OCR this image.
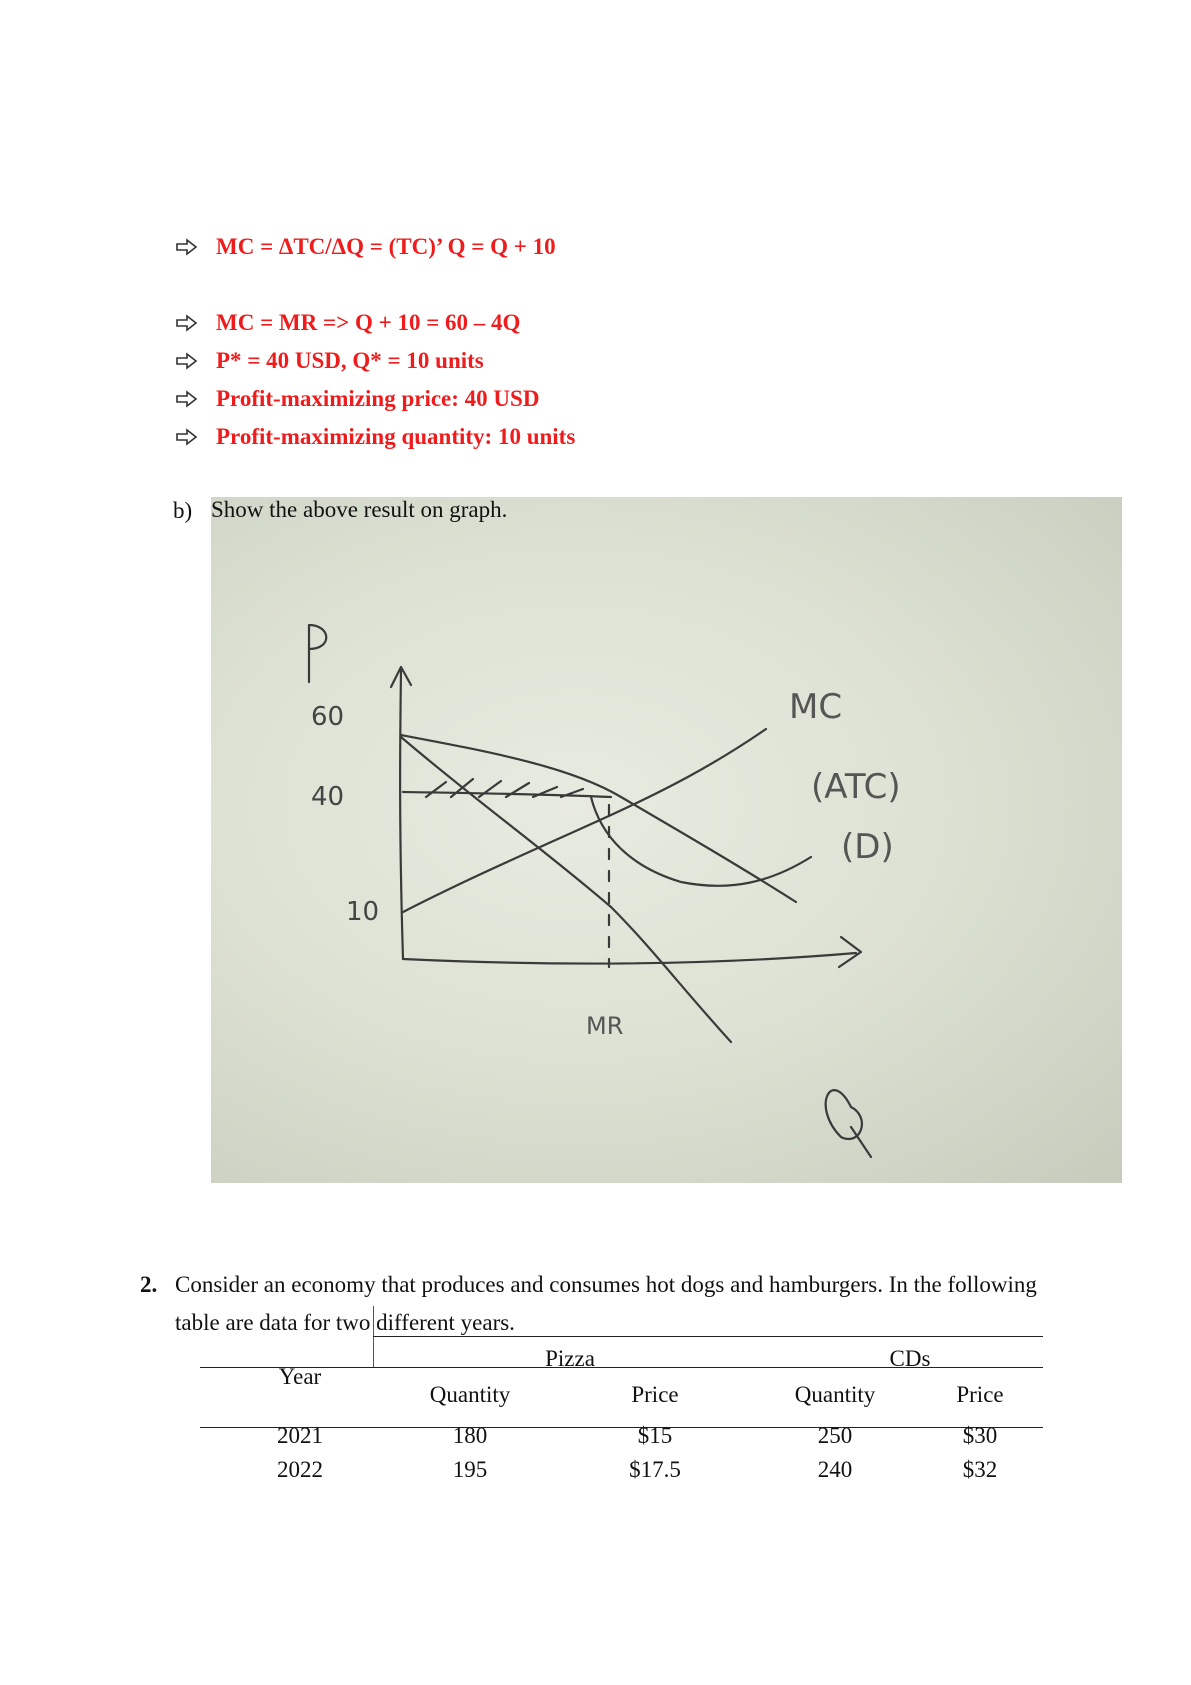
MC = ΔTC/ΔQ = (TC)’ Q = Q + 10
MC = MR => Q + 10 = 60 – 4Q
P* = 40 USD, Q* = 10 units
Profit-maximizing price: 40 USD
Profit-maximizing quantity: 10 units
b) Show the above result on graph.
60
40
10
MC
(ATC)
(D)
MR
2. Consider an economy that produces and consumes hot dogs and hamburgers. In the following table are data for two different years.
Year
Pizza	CDs
Quantity	Price	Quantity	Price
2021	180	$15	250	$30
2022	195	$17.5	240	$32
